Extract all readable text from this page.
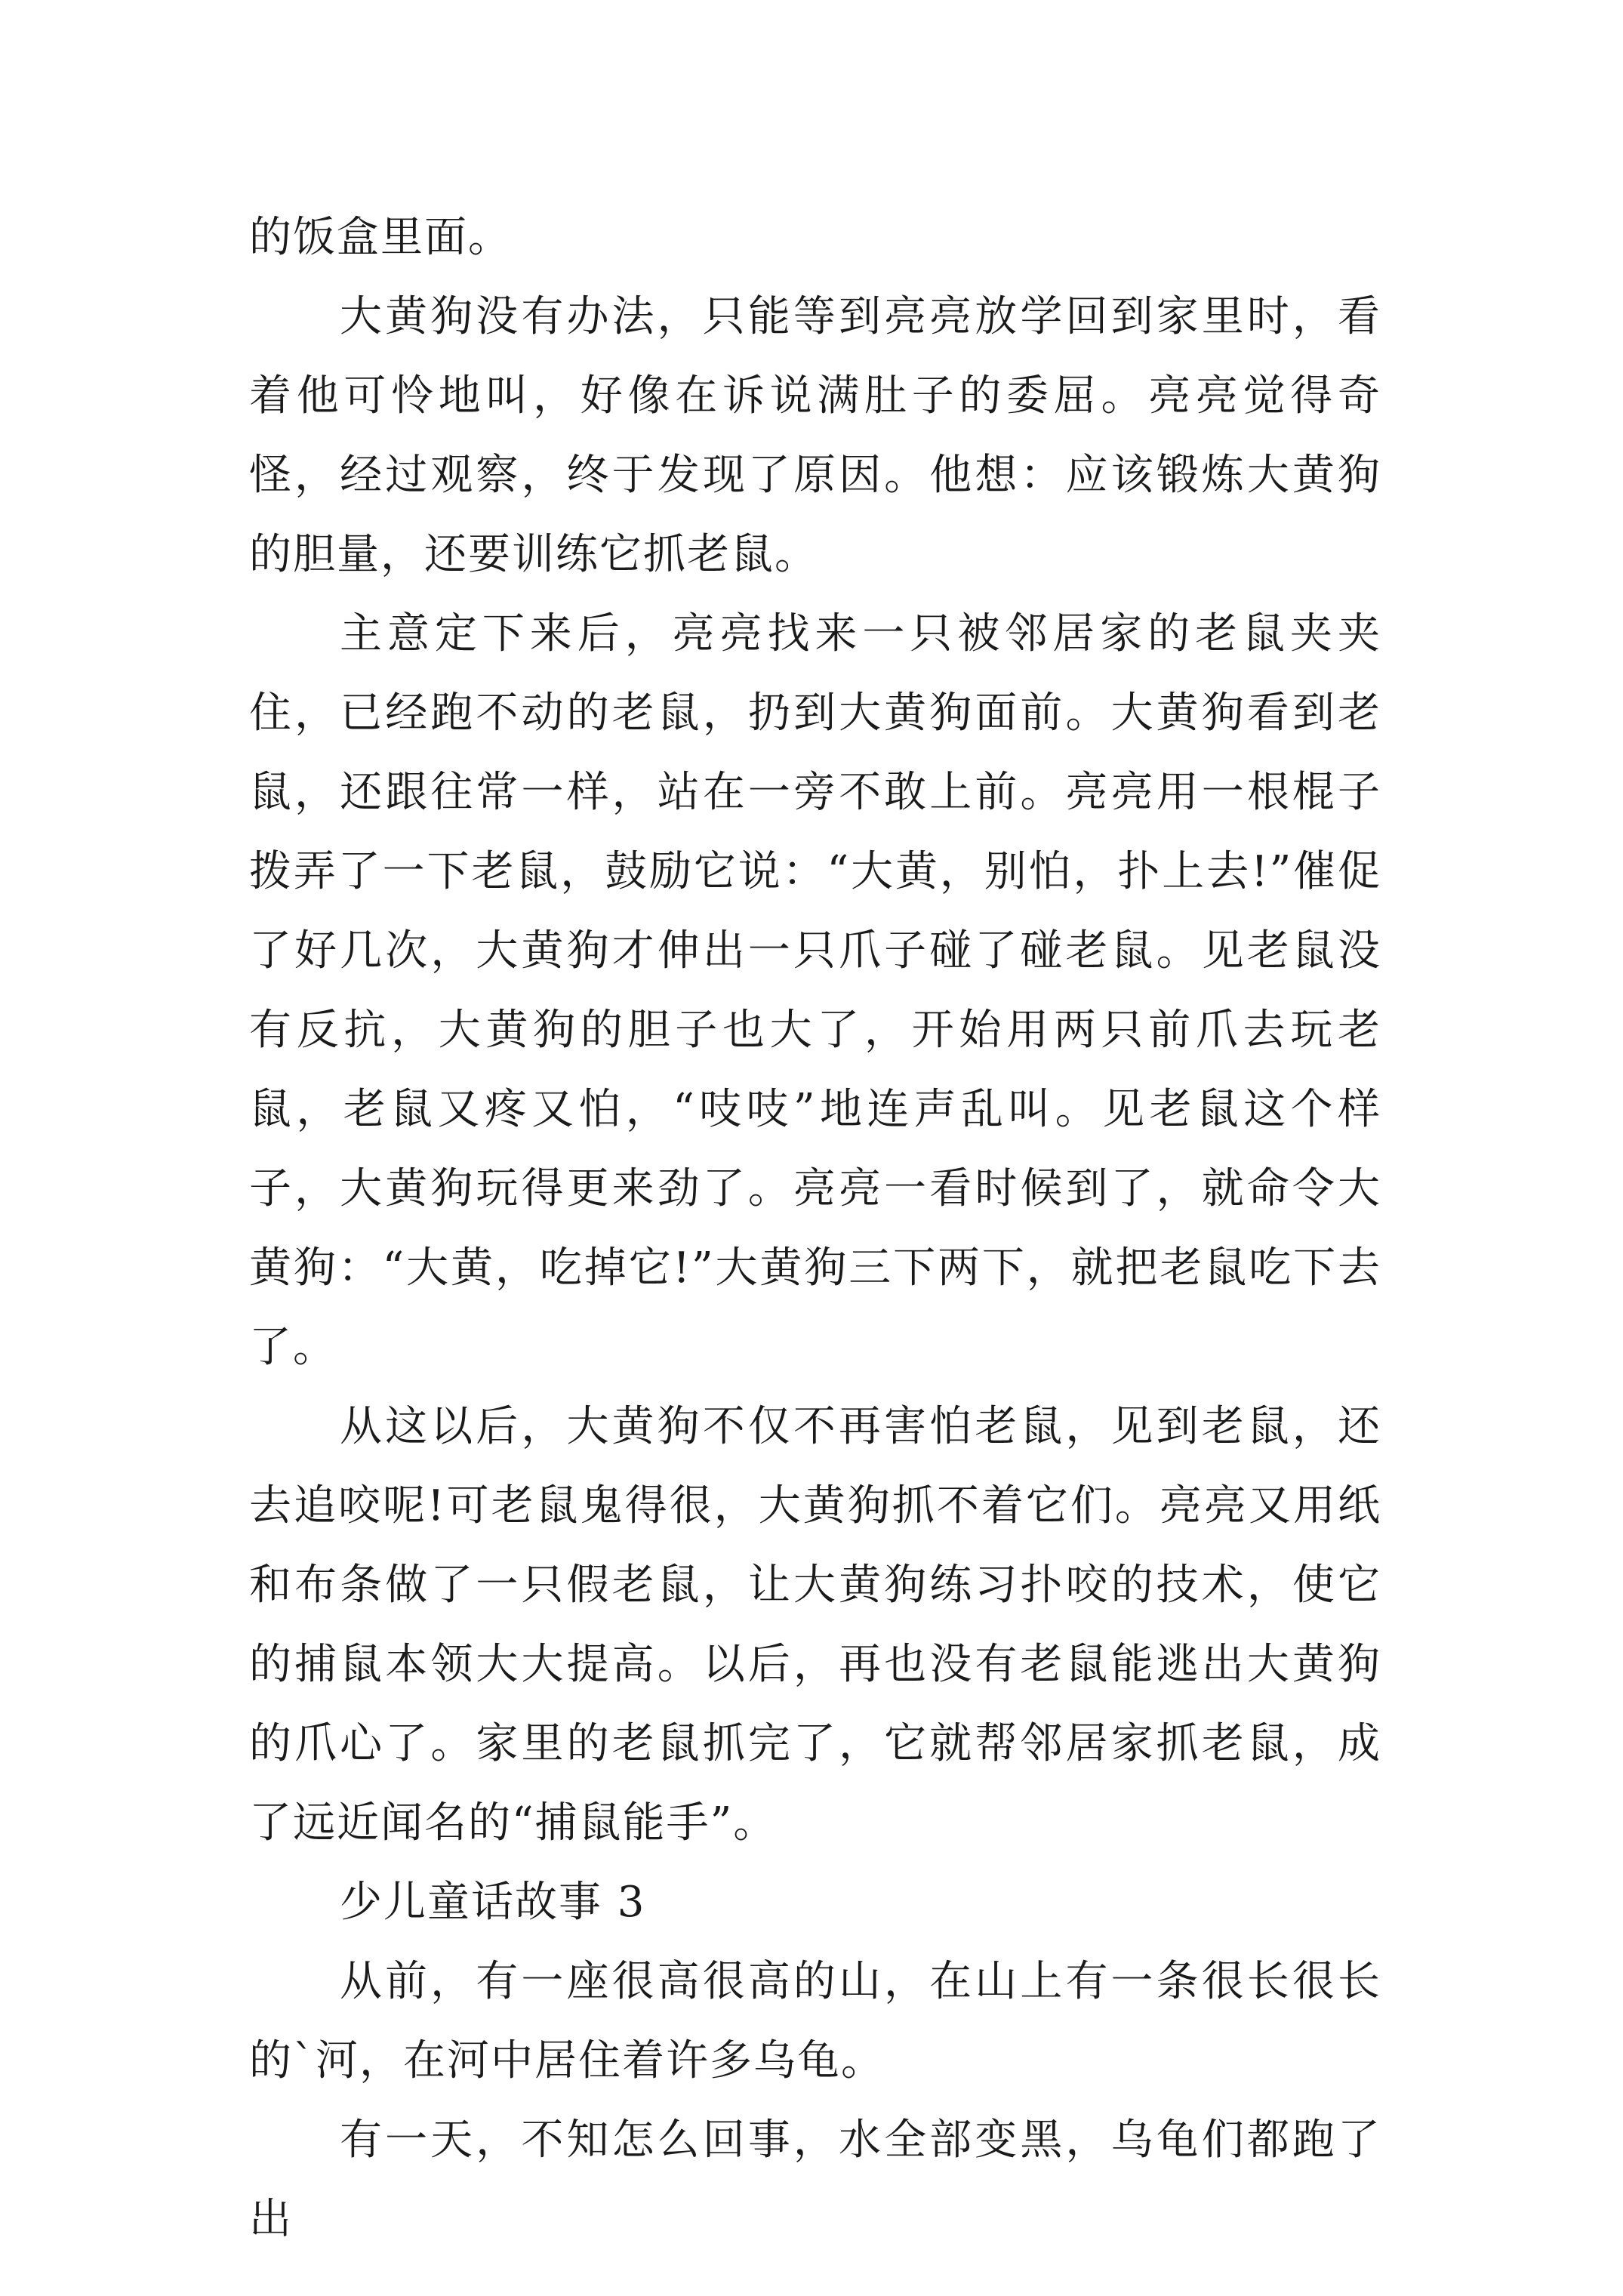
的饭盒里面。

大黄狗没有办法，只能等到亮亮放学回到家里时，看着他可怜地叫，好像在诉说满肚子的委屈。亮亮觉得奇怪，经过观察，终于发现了原因。他想：应该锻炼大黄狗的胆量，还要训练它抓老鼠。

主意定下来后，亮亮找来一只被邻居家的老鼠夹夹住，已经跑不动的老鼠，扔到大黄狗面前。大黄狗看到老鼠，还跟往常一样，站在一旁不敢上前。亮亮用一根棍子拨弄了一下老鼠，鼓励它说：“大黄，别怕，扑上去!”催促了好几次，大黄狗才伸出一只爪子碰了碰老鼠。见老鼠没有反抗，大黄狗的胆子也大了，开始用两只前爪去玩老鼠，老鼠又疼又怕，“吱吱”地连声乱叫。见老鼠这个样子，大黄狗玩得更来劲了。亮亮一看时候到了，就命令大黄狗：“大黄，吃掉它!”大黄狗三下两下，就把老鼠吃下去了。

从这以后，大黄狗不仅不再害怕老鼠，见到老鼠，还去追咬呢!可老鼠鬼得很，大黄狗抓不着它们。亮亮又用纸和布条做了一只假老鼠，让大黄狗练习扑咬的技术，使它的捕鼠本领大大提高。以后，再也没有老鼠能逃出大黄狗的爪心了。家里的老鼠抓完了，它就帮邻居家抓老鼠，成了远近闻名的“捕鼠能手”。

少儿童话故事 3

从前，有一座很高很高的山，在山上有一条很长很长的`河，在河中居住着许多乌龟。

有一天，不知怎么回事，水全部变黑，乌龟们都跑了出
